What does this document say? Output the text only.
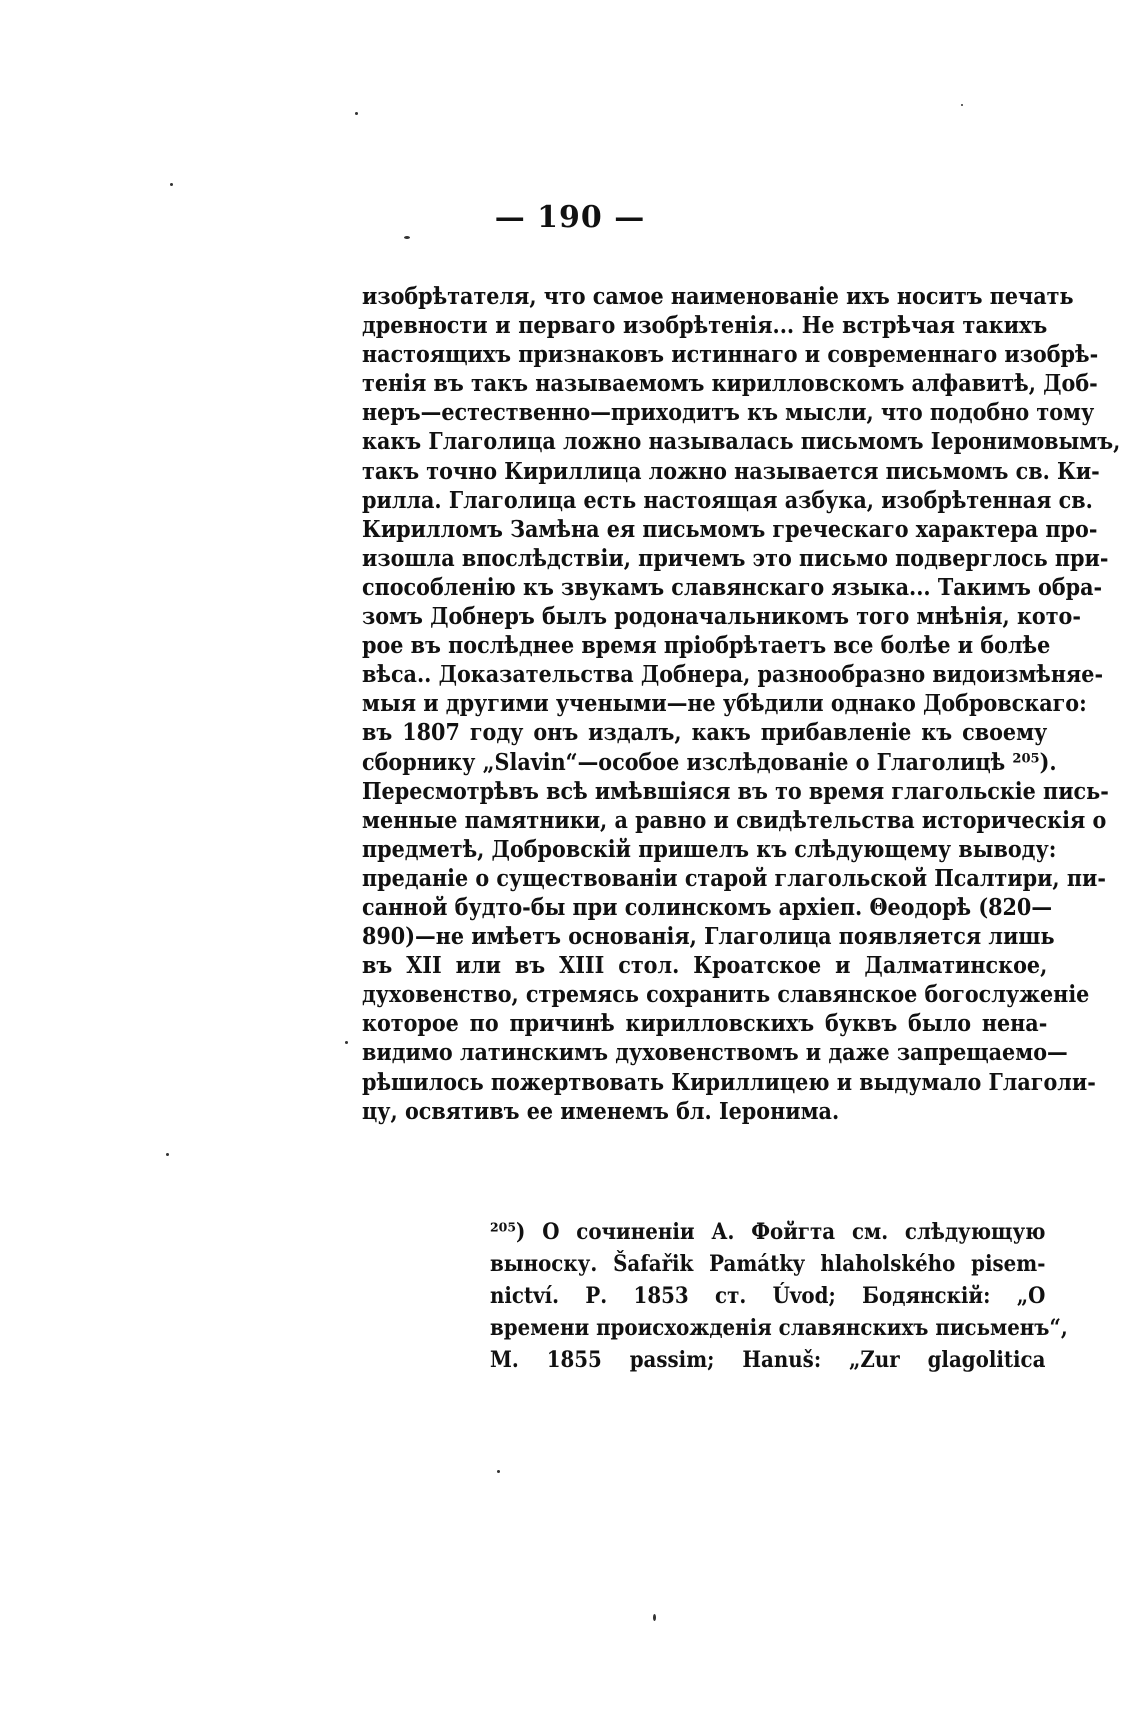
— 190 —
изобрѣтателя, что самое наименованіе ихъ носитъ печать
древности и перваго изобрѣтенія... Не встрѣчая такихъ
настоящихъ признаковъ истиннаго и современнаго изобрѣ-
тенія въ такъ называемомъ кирилловскомъ алфавитѣ, Доб-
неръ—естественно—приходитъ къ мысли, что подобно тому
какъ Глаголица ложно называлась письмомъ Іеронимовымъ,
такъ точно Кириллица ложно называется письмомъ св. Ки-
рилла. Глаголица есть настоящая азбука, изобрѣтенная св.
Кирилломъ Замѣна ея письмомъ греческаго характера про-
изошла впослѣдствіи, причемъ это письмо подверглось при-
способленію къ звукамъ славянскаго языка... Такимъ обра-
зомъ Добнеръ былъ родоначальникомъ того мнѣнія, кото-
рое въ послѣднее время пріобрѣтаетъ все болѣе и болѣе
вѣса.. Доказательства Добнера, разнообразно видоизмѣняе-
мыя и другими учеными—не убѣдили однако Добровскаго:
въ 1807 году онъ издалъ, какъ прибавленіе къ своему
сборнику „Slavin“—особое изслѣдованіе о Глаголицѣ ²⁰⁵).
Пересмотрѣвъ всѣ имѣвшіяся въ то время глагольскіе пись-
менные памятники, а равно и свидѣтельства историческія о
предметѣ, Добровскій пришелъ къ слѣдующему выводу:
преданіе о существованіи старой глагольской Псалтири, пи-
санной будто-бы при солинскомъ архіеп. Θеодорѣ (820—
890)—не имѣетъ основанія, Глаголица появляется лишь
въ XII или въ XIII стол. Кроатское и Далматинское,
духовенство, стремясь сохранить славянское богослуженіе
которое по причинѣ кирилловскихъ буквъ было нена-
видимо латинскимъ духовенствомъ и даже запрещаемо—
рѣшилось пожертвовать Кириллицею и выдумало Глаголи-
цу, освятивъ ее именемъ бл. Іеронима.
²⁰⁵) О сочиненіи А. Фойгта см. слѣдующую
выноску. Šafařik Památky hlaholského pisem-
nictví. Р. 1853 ст. Úvod; Бодянскій: „О
времени происхожденія славянскихъ письменъ“,
М. 1855 passim; Hanuš: „Zur glagolitica
